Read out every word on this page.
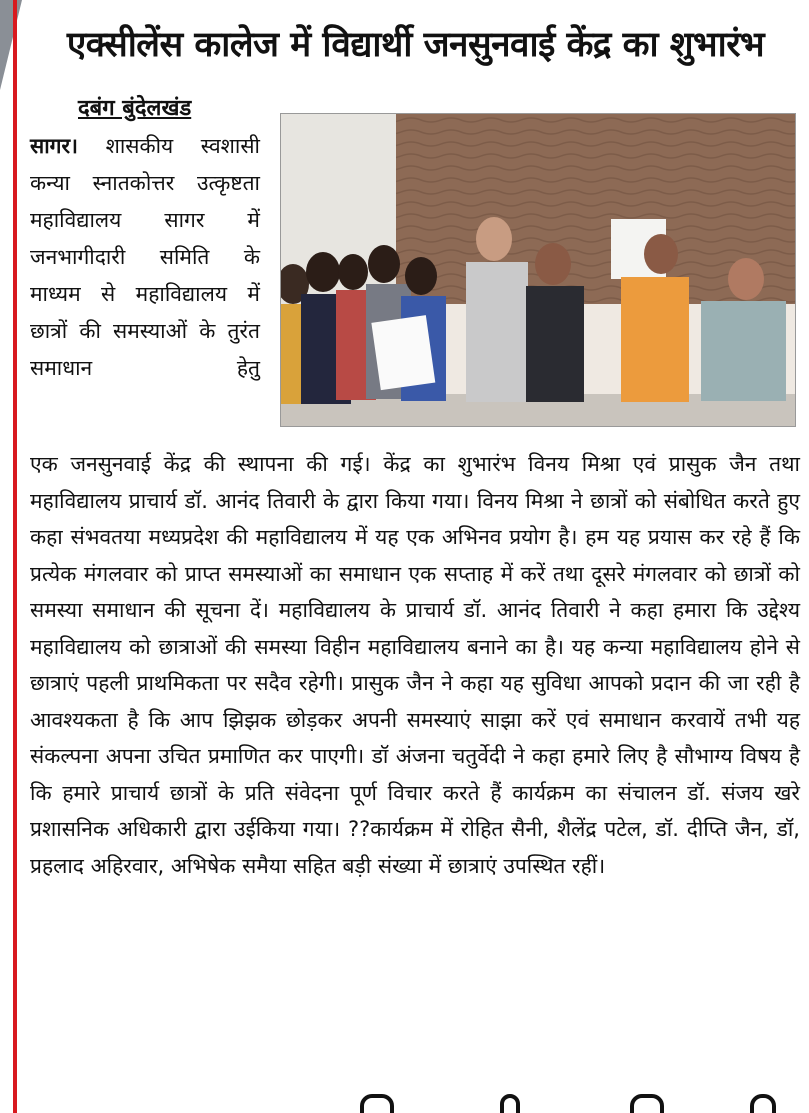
एक्सीलेंस कालेज में विद्यार्थी जनसुनवाई केंद्र का शुभारंभ
दबंग बुंदेलखंड

सागर। शासकीय स्वशासी कन्या स्नातकोत्तर उत्कृष्टता महाविद्यालय सागर में जनभागीदारी समिति के माध्यम से महाविद्यालय में छात्रों की समस्याओं के तुरंत समाधान हेतु

एक जनसुनवाई केंद्र की स्थापना की गई। केंद्र का शुभारंभ विनय मिश्रा एवं प्रासुक जैन तथा महाविद्यालय प्राचार्य डॉ. आनंद तिवारी के द्वारा किया गया। विनय मिश्रा ने छात्रों को संबोधित करते हुए कहा संभवतया मध्यप्रदेश की महाविद्यालय में यह एक अभिनव प्रयोग है। हम यह प्रयास कर रहे हैं कि प्रत्येक मंगलवार को प्राप्त समस्याओं का समाधान एक सप्ताह में करें तथा दूसरे मंगलवार को छात्रों को समस्या समाधान की सूचना दें। महाविद्यालय के प्राचार्य डॉ. आनंद तिवारी ने कहा हमारा कि उद्देश्य महाविद्यालय को छात्राओं की समस्या विहीन महाविद्यालय बनाने का है। यह कन्या महाविद्यालय होने से छात्राएं पहली प्राथमिकता पर सदैव रहेगी। प्रासुक जैन ने कहा यह सुविधा आपको प्रदान की जा रही है आवश्यकता है कि आप झिझक छोड़कर अपनी समस्याएं साझा करें एवं समाधान करवायें तभी यह संकल्पना अपना उचित प्रमाणित कर पाएगी। डॉ अंजना चतुर्वेदी ने कहा हमारे लिए है सौभाग्य विषय है कि हमारे प्राचार्य छात्रों के प्रति संवेदना पूर्ण विचार करते हैं कार्यक्रम का संचालन डॉ. संजय खरे प्रशासनिक अधिकारी द्वारा उईकिया गया। ??कार्यक्रम में रोहित सैनी, शैलेंद्र पटेल, डॉ. दीप्ति जैन, डॉ, प्रहलाद अहिरवार, अभिषेक समैया सहित बड़ी संख्या में छात्राएं उपस्थित रहीं।
